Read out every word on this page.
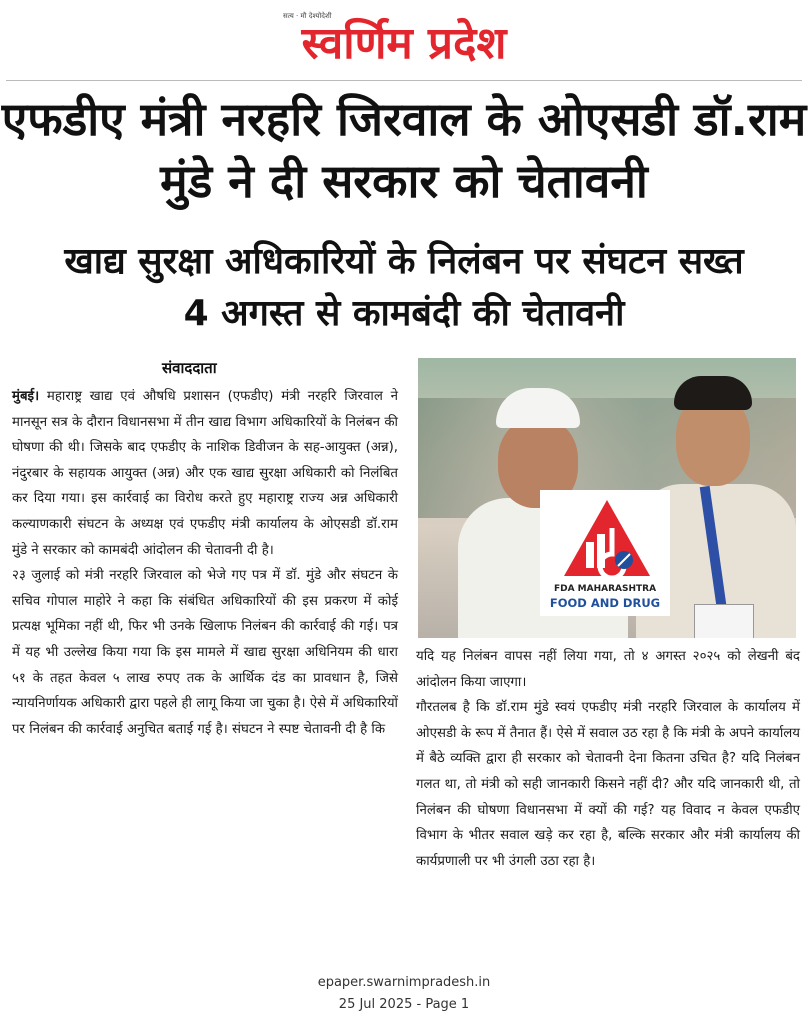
सत्य · मौ देश्योदेशी
स्वर्णिम प्रदेश
एफडीए मंत्री नरहरि जिरवाल के ओएसडी डॉ.राम
मुंडे ने दी सरकार को चेतावनी
खाद्य सुरक्षा अधिकारियों के निलंबन पर संघटन सख्त
4 अगस्त से कामबंदी की चेतावनी
संवाददाता

मुंबई। महाराष्ट्र खाद्य एवं औषधि प्रशासन (एफडीए) मंत्री नरहरि जिरवाल ने मानसून सत्र के दौरान विधानसभा में तीन खाद्य विभाग अधिकारियों के निलंबन की घोषणा की थी। जिसके बाद एफडीए के नाशिक डिवीजन के सह-आयुक्त (अन्न), नंदुरबार के सहायक आयुक्त (अन्न) और एक खाद्य सुरक्षा अधिकारी को निलंबित कर दिया गया। इस कार्रवाई का विरोध करते हुए महाराष्ट्र राज्य अन्न अधिकारी कल्याणकारी संघटन के अध्यक्ष एवं एफडीए मंत्री कार्यालय के ओएसडी डॉ.राम मुंडे ने सरकार को कामबंदी आंदोलन की चेतावनी दी है।

२३ जुलाई को मंत्री नरहरि जिरवाल को भेजे गए पत्र में डॉ. मुंडे और संघटन के सचिव गोपाल माहोरे ने कहा कि संबंधित अधिकारियों की इस प्रकरण में कोई प्रत्यक्ष भूमिका नहीं थी, फिर भी उनके खिलाफ निलंबन की कार्रवाई की गई। पत्र में यह भी उल्लेख किया गया कि इस मामले में खाद्य सुरक्षा अधिनियम की धारा ५१ के तहत केवल ५ लाख रुपए तक के आर्थिक दंड का प्रावधान है, जिसे न्यायनिर्णायक अधिकारी द्वारा पहले ही लागू किया जा चुका है। ऐसे में अधिकारियों पर निलंबन की कार्रवाई अनुचित बताई गई है। संघटन ने स्पष्ट चेतावनी दी है कि

FDA MAHARASHTRA
FOOD AND DRUG

यदि यह निलंबन वापस नहीं लिया गया, तो ४ अगस्त २०२५ को लेखनी बंद आंदोलन किया जाएगा।

गौरतलब है कि डॉ.राम मुंडे स्वयं एफडीए मंत्री नरहरि जिरवाल के कार्यालय में ओएसडी के रूप में तैनात हैं। ऐसे में सवाल उठ रहा है कि मंत्री के अपने कार्यालय में बैठे व्यक्ति द्वारा ही सरकार को चेतावनी देना कितना उचित है? यदि निलंबन गलत था, तो मंत्री को सही जानकारी किसने नहीं दी? और यदि जानकारी थी, तो निलंबन की घोषणा विधानसभा में क्यों की गई? यह विवाद न केवल एफडीए विभाग के भीतर सवाल खड़े कर रहा है, बल्कि सरकार और मंत्री कार्यालय की कार्यप्रणाली पर भी उंगली उठा रहा है।

epaper.swarnimpradesh.in
25 Jul 2025 - Page 1
